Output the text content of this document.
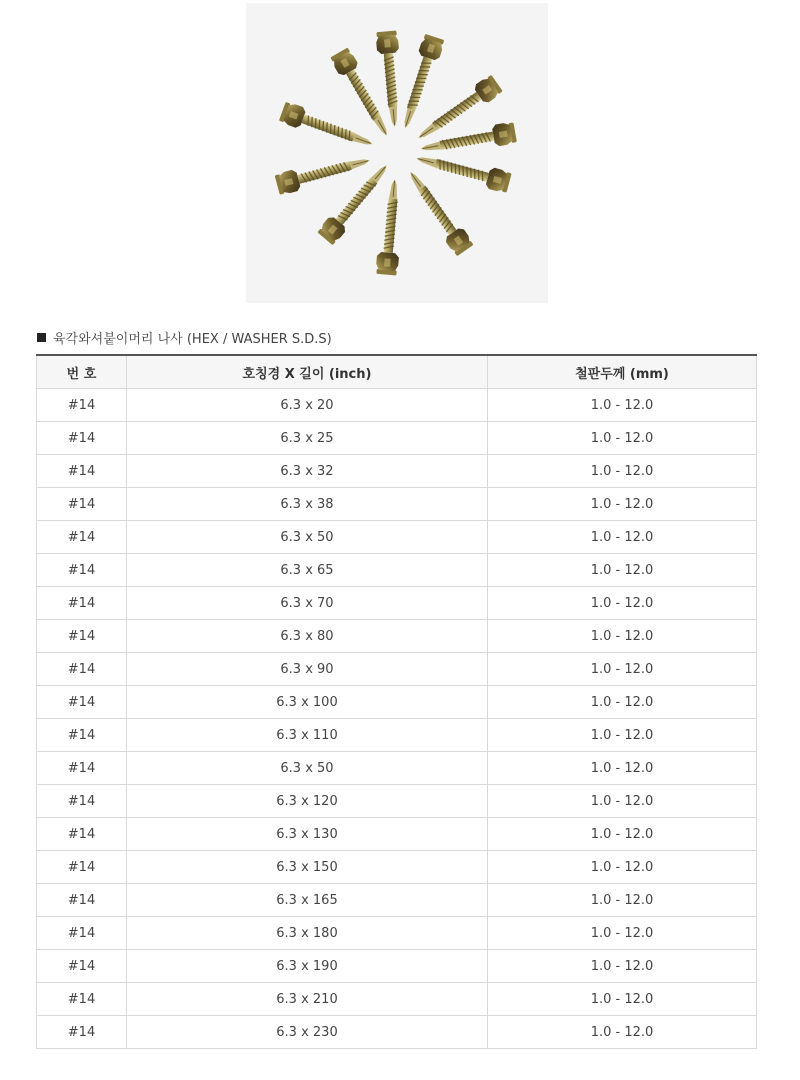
육각와셔붙이머리 나사 (HEX / WASHER S.D.S)
번 호	호칭경 X 길이 (inch)	철판두께 (mm)
#14	6.3 x 20	1.0 - 12.0
#14	6.3 x 25	1.0 - 12.0
#14	6.3 x 32	1.0 - 12.0
#14	6.3 x 38	1.0 - 12.0
#14	6.3 x 50	1.0 - 12.0
#14	6.3 x 65	1.0 - 12.0
#14	6.3 x 70	1.0 - 12.0
#14	6.3 x 80	1.0 - 12.0
#14	6.3 x 90	1.0 - 12.0
#14	6.3 x 100	1.0 - 12.0
#14	6.3 x 110	1.0 - 12.0
#14	6.3 x 50	1.0 - 12.0
#14	6.3 x 120	1.0 - 12.0
#14	6.3 x 130	1.0 - 12.0
#14	6.3 x 150	1.0 - 12.0
#14	6.3 x 165	1.0 - 12.0
#14	6.3 x 180	1.0 - 12.0
#14	6.3 x 190	1.0 - 12.0
#14	6.3 x 210	1.0 - 12.0
#14	6.3 x 230	1.0 - 12.0
